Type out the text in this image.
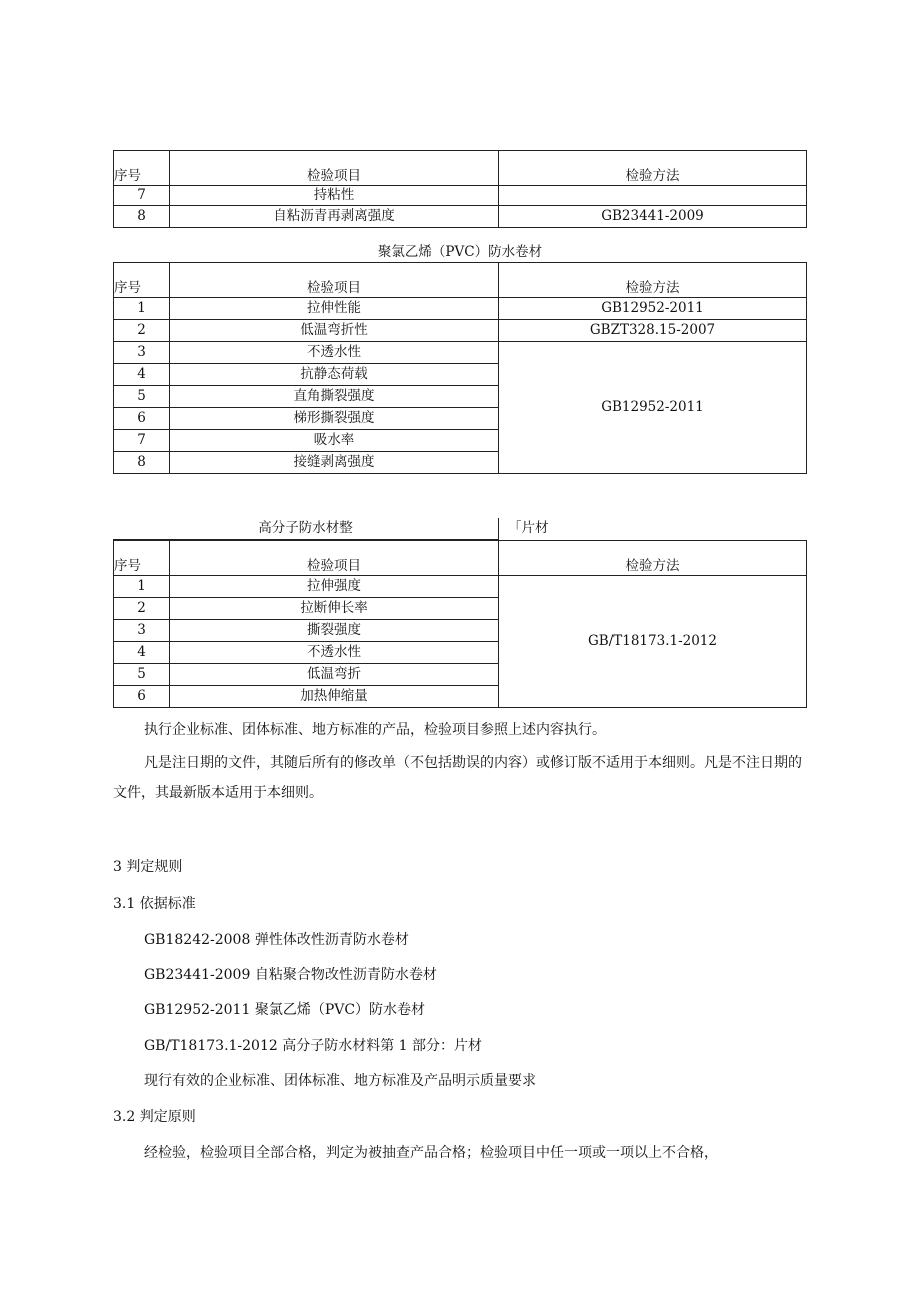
序号	检验项目	检验方法
7	持粘性	
8	自粘沥青再剥离强度	GB23441-2009
聚氯乙烯（PVC）防水卷材
序号	检验项目	检验方法
1	拉伸性能	GB12952-2011
2	低温弯折性	GBZT328.15-2007
3	不透水性	GB12952-2011
4	抗静态荷载	
5	直角撕裂强度	
6	梯形撕裂强度	
7	吸水率	
8	接缝剥离强度	
高分子防水材整	「片材
序号	检验项目	检验方法
1	拉伸强度	GB/T18173.1-2012
2	拉断伸长率	
3	撕裂强度	
4	不透水性	
5	低温弯折	
6	加热伸缩量	

执行企业标准、团体标准、地方标准的产品，检验项目参照上述内容执行。

凡是注日期的文件，其随后所有的修改单（不包括勘误的内容）或修订版不适用于本细则。凡是不注日期的文件，其最新版本适用于本细则。

3 判定规则
3.1 依据标准
GB18242-2008 弹性体改性沥青防水卷材
GB23441-2009 自粘聚合物改性沥青防水卷材
GB12952-2011 聚氯乙烯（PVC）防水卷材
GB/T18173.1-2012 高分子防水材料第 1 部分：片材
现行有效的企业标准、团体标准、地方标准及产品明示质量要求
3.2 判定原则
经检验，检验项目全部合格，判定为被抽查产品合格；检验项目中任一项或一项以上不合格，
